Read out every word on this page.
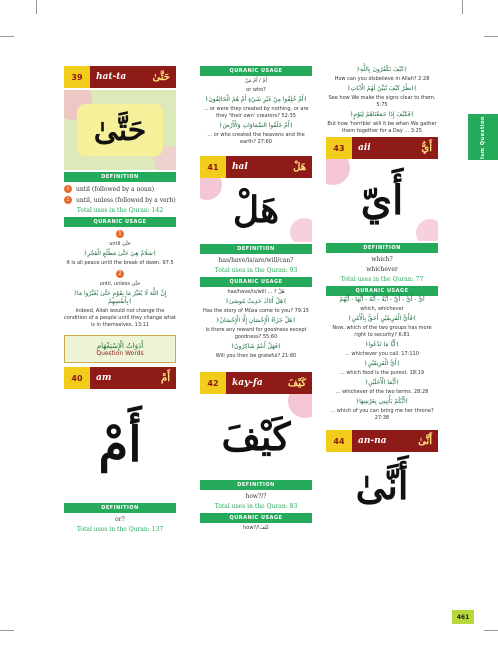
Ism Question
39	hat-ta	حَتَّىٰ
حَتَّىٰ
DEFINITION
1	until (followed by a noun)
2	until, unless (followed by a verb)
Total uses in the Quran: 142
QURANIC USAGE
1
until حَتَّىٰ
﴿سَلَامٌ هِيَ حَتَّىٰ مَطْلَعِ الْفَجْرِ﴾
It is all peace until the break of dawn. 97:5
2
until, unless حَتَّىٰ
﴿إِنَّ اللَّهَ لَا يُغَيِّرُ مَا بِقَوْمٍ حَتَّىٰ يُغَيِّرُوا مَا بِأَنفُسِهِمْ﴾
Indeed, Allah would not change the condition of a people until they change what is in themselves. 13:11
أَدَوَاتُ الْإِسْتِفْهَامِ
Question Words
40	am	أَمْ
أَمْ
DEFINITION
or?
Total uses in the Quran: 137
QURANIC USAGE
أَمْ / أَمْ مَنْ
or who?
﴿أَمْ خُلِقُوا مِنْ غَيْرِ شَيْءٍ أَمْ هُمُ الْخَالِقُونَ﴾
... or were they created by nothing, or are they 'their own' creators? 52:35
﴿أَمْ خَلَقُوا السَّمَاوَاتِ وَالْأَرْضَ﴾
... or who created the heavens and the earth? 27:60
41	hal	هَلْ
هَلْ
DEFINITION
has/have/is/are/will/can?
Total uses in the Quran: 93
QURANIC USAGE
has/have/is/will ... ? هَلْ
﴿هَلْ أَتَاكَ حَدِيثُ مُوسَىٰ﴾
Has the story of Mûsa come to you? 79:15
﴿هَلْ جَزَاءُ الْإِحْسَانِ إِلَّا الْإِحْسَانُ﴾
Is there any reward for goodness except goodness? 55:60
﴿فَهَلْ أَنتُمْ شَاكِرُونَ﴾
Will you then be grateful? 21:80
42	kay-fa	كَيْفَ
كَيْفَ
DEFINITION
how?/?
Total uses in the Quran: 83
QURANIC USAGE
how?/!كَيْفَ
﴿كَيْفَ تَكْفُرُونَ بِاللَّهِ﴾
How can you disbelieve in Allah? 2:28
﴿انظُرْ كَيْفَ نُبَيِّنُ لَهُمُ الْآيَاتِ﴾
See how We make the signs clear to them. 5:75
﴿فَكَيْفَ إِذَا جَمَعْنَاهُمْ لِيَوْمٍ﴾
But how 'horrible' will it be when We gather them together for a Day ... 3:25
43	aii	أَيُّ
أَيّ
DEFINITION
which?
whichever
Total uses in the Quran: 77
QURANIC USAGE
أَيٌّ - أَيَّ - أَيِّ - أَيَّةُ - أَيَّةَ - أَيُّهَا - أَيُّهُمْ
which, whichever
﴿فَأَيُّ الْفَرِيقَيْنِ أَحَقُّ بِالْأَمْنِ﴾
Now, which of the two groups has more right to security? 6:81
﴿أَيًّا مَا تَدْعُوا﴾
... whichever you call. 17:110
﴿أَيُّ الْفَرِيقَيْنِ﴾
... which food is the purest. 18:19
﴿أَيَّمَا الْأَجَلَيْنِ﴾
... whichever of the two terms. 28:28
﴿أَيُّكُمْ يَأْتِينِي بِعَرْشِهَا﴾
... which of you can bring me her throne? 27:38
44	an-na	أَنَّىٰ
أَنَّىٰ
461
